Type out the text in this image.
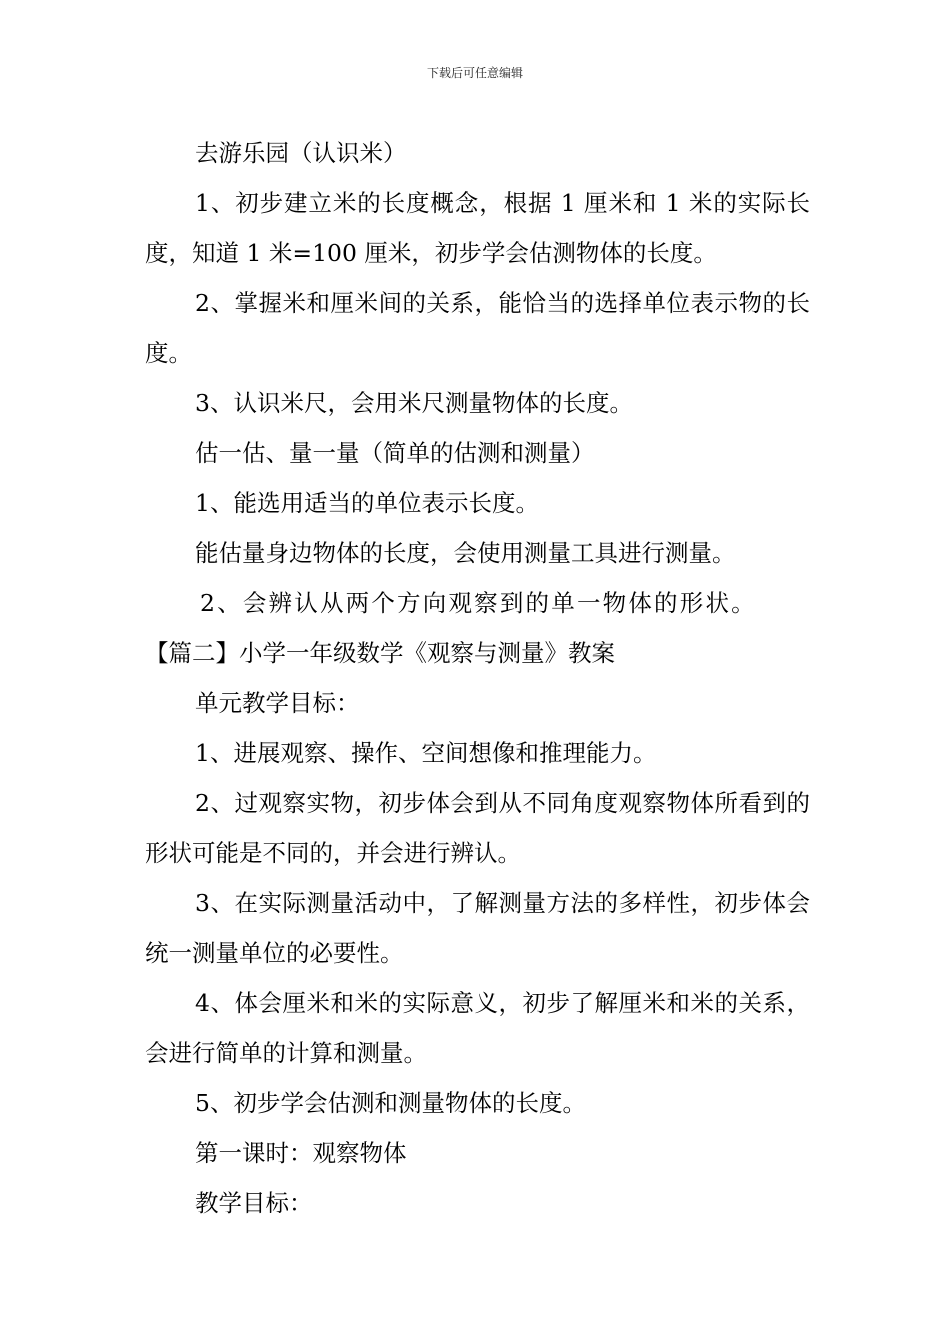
下载后可任意编辑

去游乐园（认识米）

1、初步建立米的长度概念，根据 1 厘米和 1 米的实际长度，知道 1 米=100 厘米，初步学会估测物体的长度。

2、掌握米和厘米间的关系，能恰当的选择单位表示物的长度。

3、认识米尺，会用米尺测量物体的长度。

估一估、量一量（简单的估测和测量）

1、能选用适当的单位表示长度。

能估量身边物体的长度，会使用测量工具进行测量。

2、会辨认从两个方向观察到的单一物体的形状。

【篇二】小学一年级数学《观察与测量》教案

单元教学目标：

1、进展观察、操作、空间想像和推理能力。

2、过观察实物，初步体会到从不同角度观察物体所看到的形状可能是不同的，并会进行辨认。

3、在实际测量活动中，了解测量方法的多样性，初步体会统一测量单位的必要性。

4、体会厘米和米的实际意义，初步了解厘米和米的关系，会进行简单的计算和测量。

5、初步学会估测和测量物体的长度。

第一课时：观察物体

教学目标：
